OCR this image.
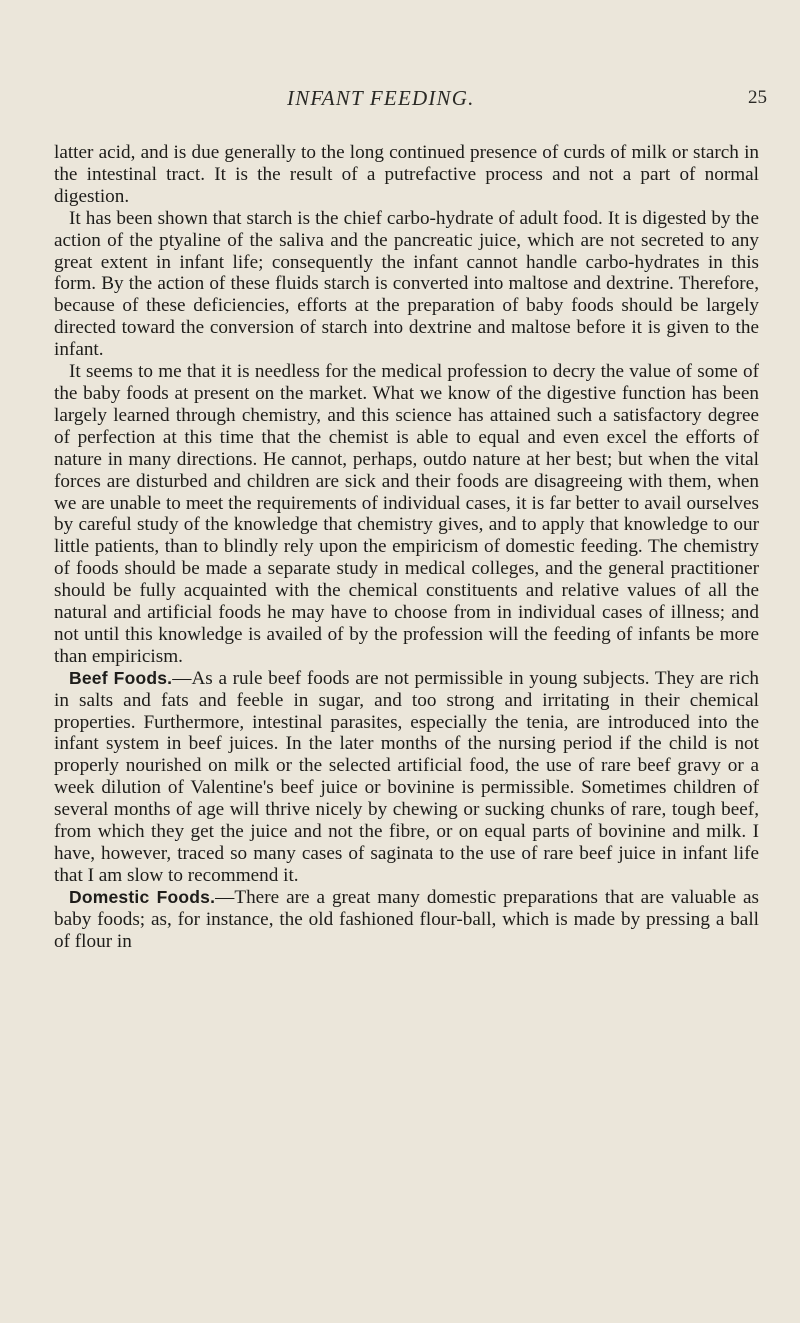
INFANT FEEDING.	25

latter acid, and is due generally to the long continued presence of curds of milk or starch in the intestinal tract. It is the result of a putrefactive process and not a part of normal digestion.

It has been shown that starch is the chief carbo-hydrate of adult food. It is digested by the action of the ptyaline of the saliva and the pancreatic juice, which are not secreted to any great extent in infant life; consequently the infant cannot handle carbo-hydrates in this form. By the action of these fluids starch is converted into maltose and dextrine. Therefore, because of these deficiencies, efforts at the preparation of baby foods should be largely directed toward the conversion of starch into dextrine and maltose before it is given to the infant.

It seems to me that it is needless for the medical profession to decry the value of some of the baby foods at present on the market. What we know of the digestive function has been largely learned through chemistry, and this science has attained such a satisfactory degree of perfection at this time that the chemist is able to equal and even excel the efforts of nature in many directions. He cannot, perhaps, outdo nature at her best; but when the vital forces are disturbed and children are sick and their foods are disagreeing with them, when we are unable to meet the requirements of individual cases, it is far better to avail ourselves by careful study of the knowledge that chemistry gives, and to apply that knowledge to our little patients, than to blindly rely upon the empiricism of domestic feeding. The chemistry of foods should be made a separate study in medical colleges, and the general practitioner should be fully acquainted with the chemical constituents and relative values of all the natural and artificial foods he may have to choose from in individual cases of illness; and not until this knowledge is availed of by the profession will the feeding of infants be more than empiricism.

Beef Foods.—As a rule beef foods are not permissible in young subjects. They are rich in salts and fats and feeble in sugar, and too strong and irritating in their chemical properties. Furthermore, intestinal parasites, especially the tenia, are introduced into the infant system in beef juices. In the later months of the nursing period if the child is not properly nourished on milk or the selected artificial food, the use of rare beef gravy or a week dilution of Valentine's beef juice or bovinine is permissible. Sometimes children of several months of age will thrive nicely by chewing or sucking chunks of rare, tough beef, from which they get the juice and not the fibre, or on equal parts of bovinine and milk. I have, however, traced so many cases of saginata to the use of rare beef juice in infant life that I am slow to recommend it.

Domestic Foods.—There are a great many domestic preparations that are valuable as baby foods; as, for instance, the old fashioned flour-ball, which is made by pressing a ball of flour in
